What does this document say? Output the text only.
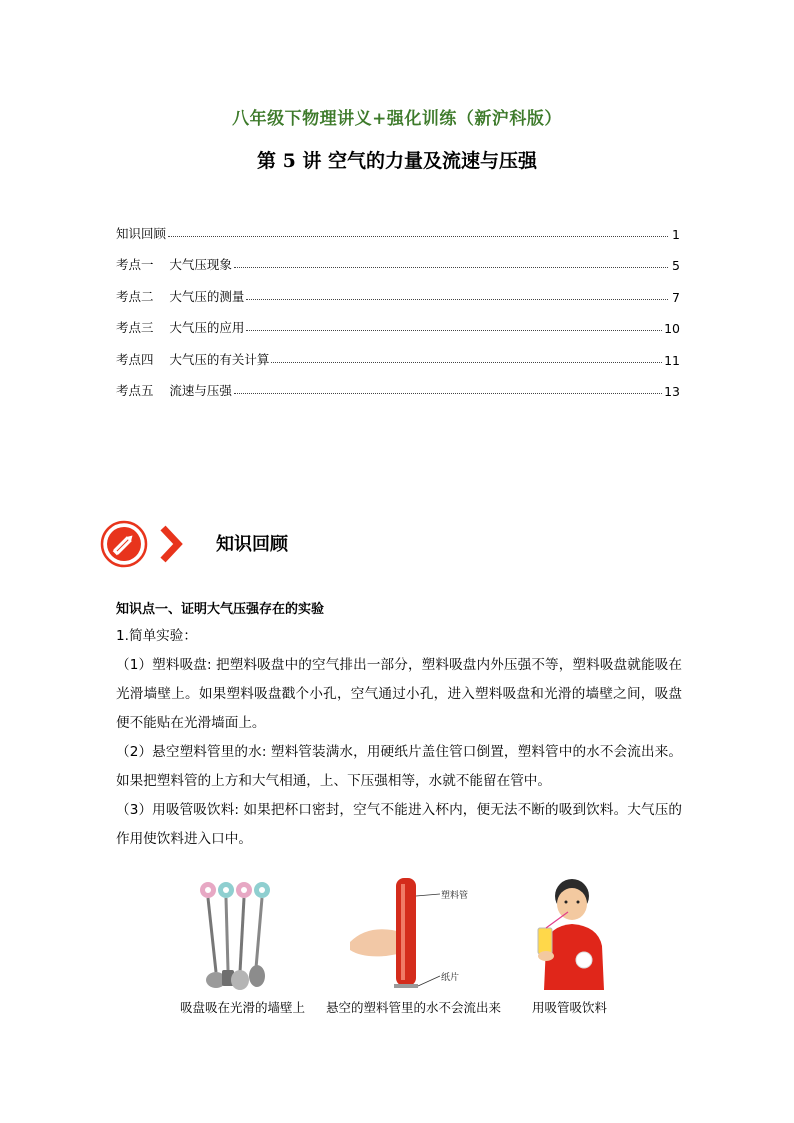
八年级下物理讲义+强化训练（新沪科版）
第 5 讲 空气的力量及流速与压强
知识回顾	1
考点一    大气压现象	5
考点二    大气压的测量	7
考点三    大气压的应用	10
考点四    大气压的有关计算	11
考点五    流速与压强	13
知识回顾
知识点一、证明大气压强存在的实验
1.简单实验：
（1）塑料吸盘: 把塑料吸盘中的空气排出一部分，塑料吸盘内外压强不等，塑料吸盘就能吸在光滑墙壁上。如果塑料吸盘戳个小孔，空气通过小孔，进入塑料吸盘和光滑的墙壁之间，吸盘便不能贴在光滑墙面上。
（2）悬空塑料管里的水: 塑料管装满水，用硬纸片盖住管口倒置，塑料管中的水不会流出来。如果把塑料管的上方和大气相通，上、下压强相等，水就不能留在管中。
（3）用吸管吸饮料: 如果把杯口密封，空气不能进入杯内，便无法不断的吸到饮料。大气压的作用使饮料进入口中。
吸盘吸在光滑的墙壁上
塑料管
纸片
悬空的塑料管里的水不会流出来 用吸管吸饮料
